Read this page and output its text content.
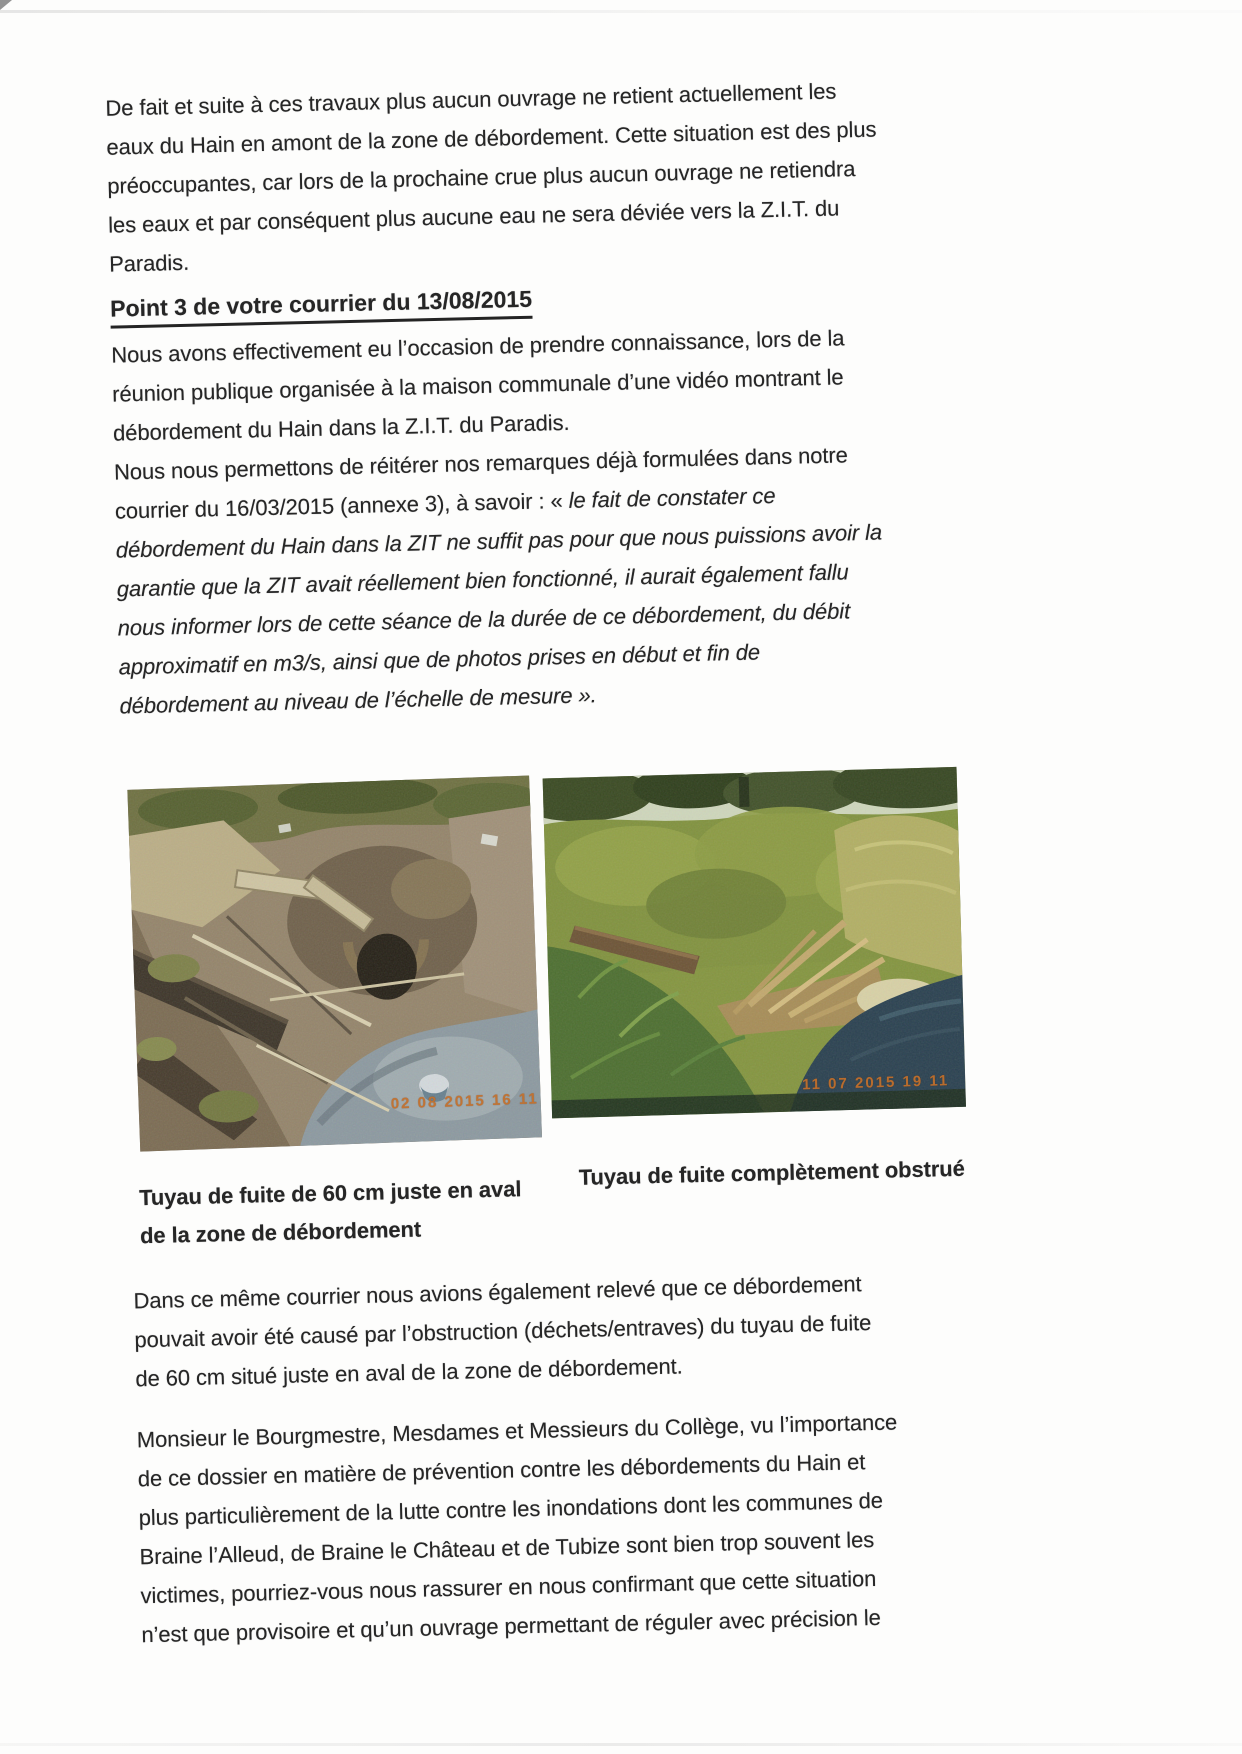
De fait et suite à ces travaux plus aucun ouvrage ne retient actuellement les
eaux du Hain en amont de la zone de débordement. Cette situation est des plus
préoccupantes, car lors de la prochaine crue plus aucun ouvrage ne retiendra
les eaux et par conséquent plus aucune eau ne sera déviée vers la Z.I.T. du
Paradis.

Point 3 de votre courrier du 13/08/2015

Nous avons effectivement eu l’occasion de prendre connaissance, lors de la
réunion publique organisée à la maison communale d’une vidéo montrant le
débordement du Hain dans la Z.I.T. du Paradis.

Nous nous permettons de réitérer nos remarques déjà formulées dans notre
courrier du 16/03/2015 (annexe 3), à savoir : « le fait de constater ce
débordement du Hain dans la ZIT ne suffit pas pour que nous puissions avoir la
garantie que la ZIT avait réellement bien fonctionné, il aurait également fallu
nous informer lors de cette séance de la durée de ce débordement, du débit
approximatif en m3/s, ainsi que de photos prises en début et fin de
débordement au niveau de l’échelle de mesure ».

02 08 2015 16 11
Tuyau de fuite de 60 cm juste en aval
de la zone de débordement
11 07 2015 19 11
Tuyau de fuite complètement obstrué

Dans ce même courrier nous avions également relevé que ce débordement
pouvait avoir été causé par l’obstruction (déchets/entraves) du tuyau de fuite
de 60 cm situé juste en aval de la zone de débordement.

Monsieur le Bourgmestre, Mesdames et Messieurs du Collège, vu l’importance
de ce dossier en matière de prévention contre les débordements du Hain et
plus particulièrement de la lutte contre les inondations dont les communes de
Braine l’Alleud, de Braine le Château et de Tubize sont bien trop souvent les
victimes, pourriez-vous nous rassurer en nous confirmant que cette situation
n’est que provisoire et qu’un ouvrage permettant de réguler avec précision le
